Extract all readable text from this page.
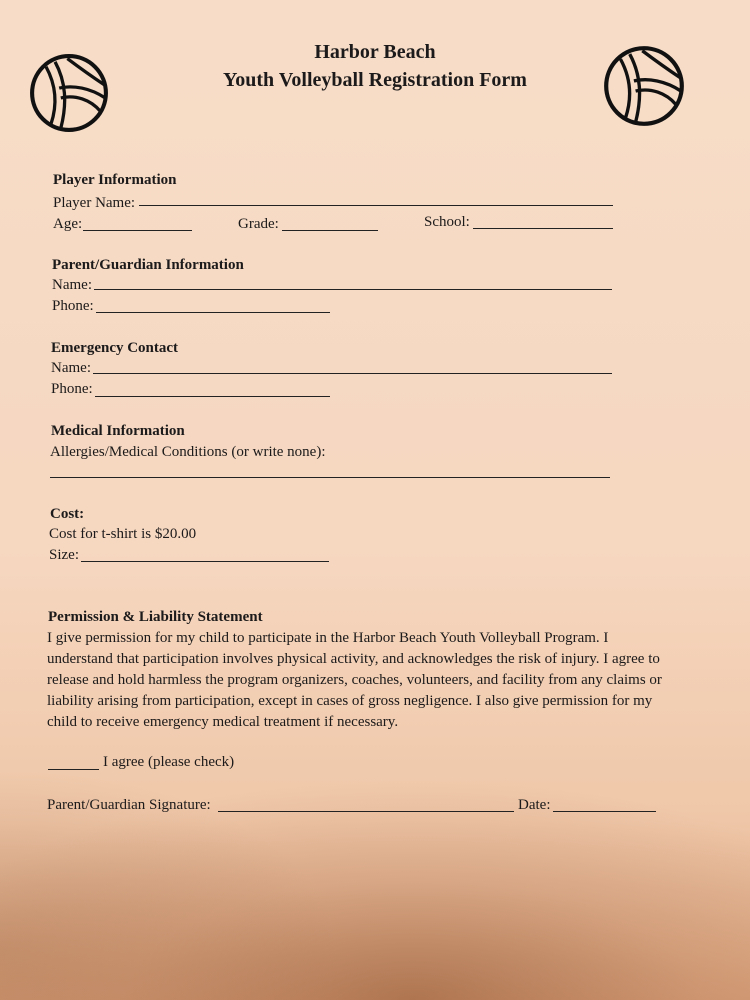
Harbor Beach
Youth Volleyball Registration Form
Player Information
Player Name:
Age:	Grade:	School:
Parent/Guardian Information
Name:
Phone:
Emergency Contact
Name:
Phone:
Medical Information
Allergies/Medical Conditions (or write none):
Cost:
Cost for t-shirt is $20.00
Size:
Permission & Liability Statement
I give permission for my child to participate in the Harbor Beach Youth Volleyball Program. I understand that participation involves physical activity, and acknowledges the risk of injury. I agree to release and hold harmless the program organizers, coaches, volunteers, and facility from any claims or liability arising from participation, except in cases of gross negligence. I also give permission for my child to receive emergency medical treatment if necessary.
I agree (please check)
Parent/Guardian Signature:	Date:
